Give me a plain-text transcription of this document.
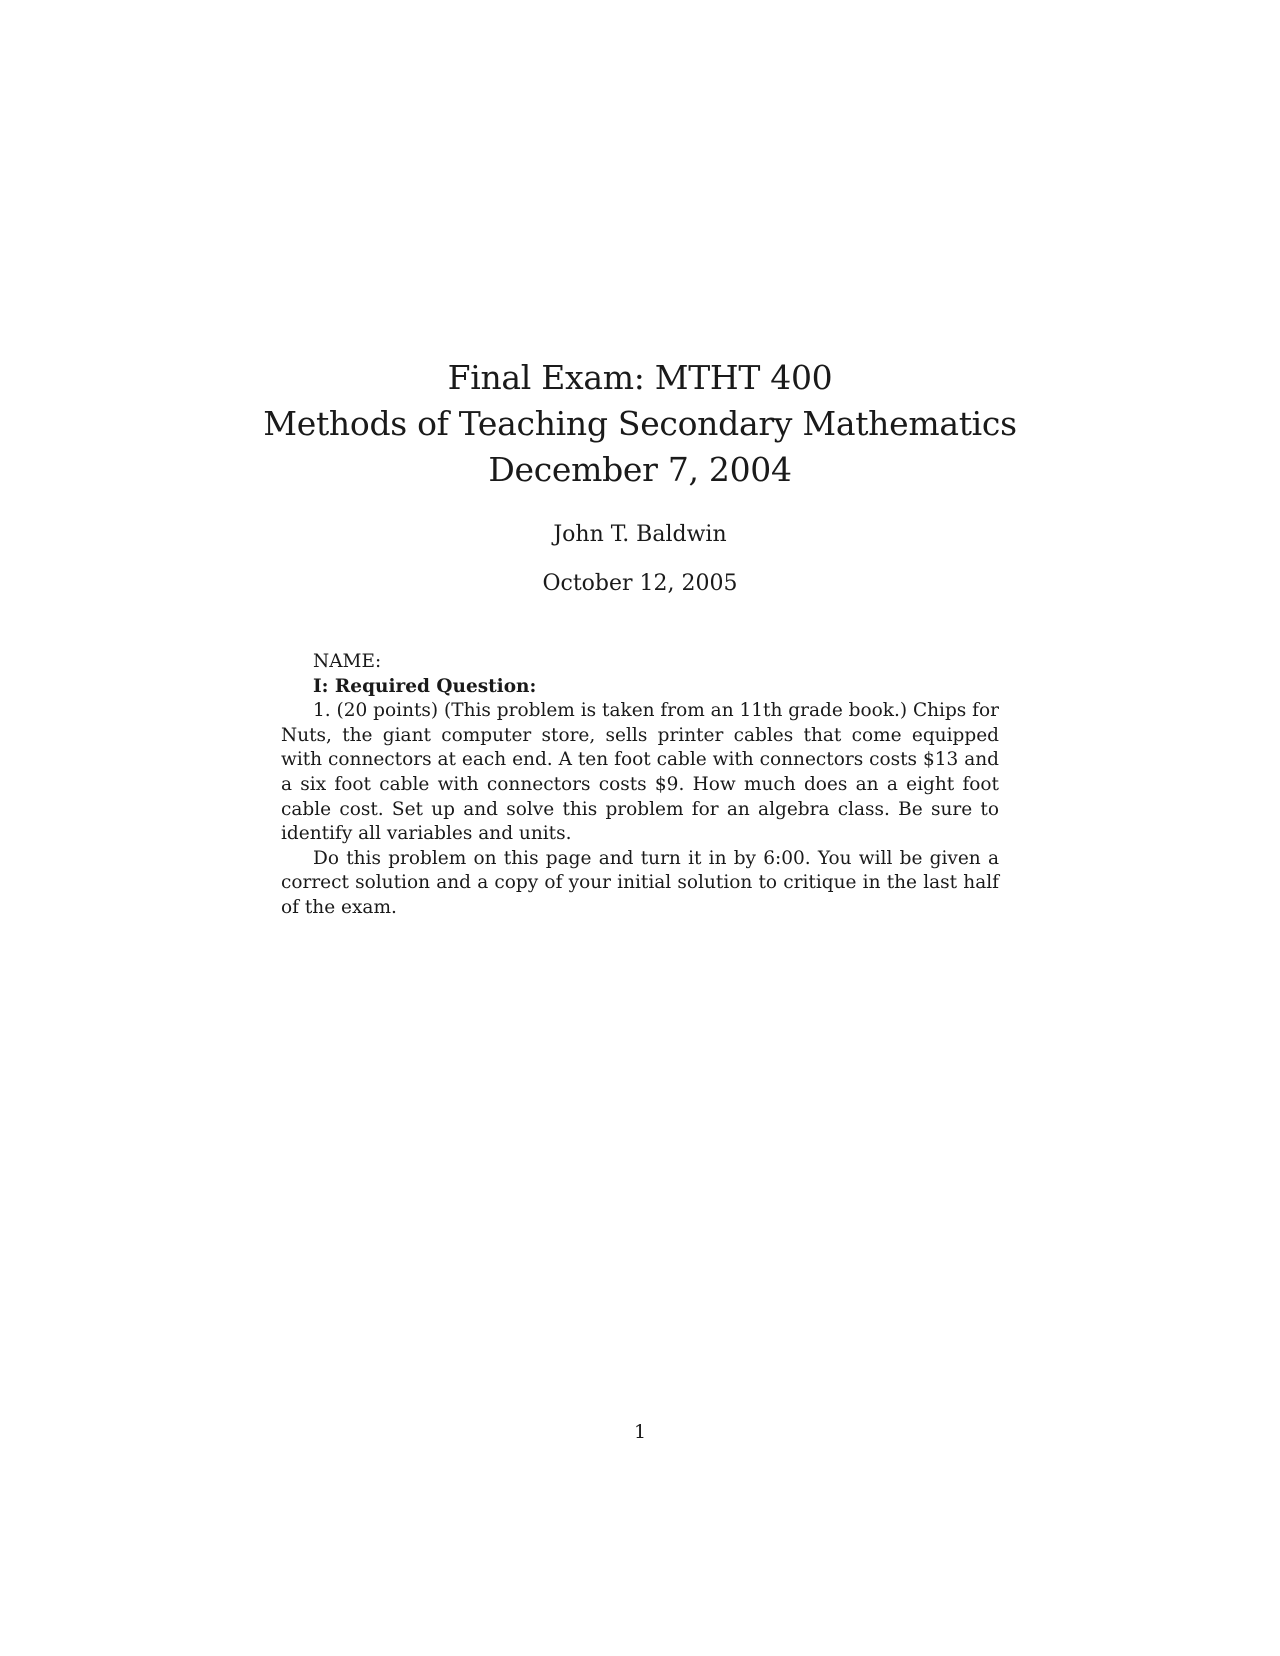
Final Exam: MTHT 400

Methods of Teaching Secondary Mathematics

December 7, 2004

John T. Baldwin
October 12, 2005

NAME:

I: Required Question:

1. (20 points) (This problem is taken from an 11th grade book.) Chips for Nuts, the giant computer store, sells printer cables that come equipped with connectors at each end. A ten foot cable with connectors costs $13 and a six foot cable with connectors costs $9. How much does an a eight foot cable cost. Set up and solve this problem for an algebra class. Be sure to identify all variables and units.

Do this problem on this page and turn it in by 6:00. You will be given a correct solution and a copy of your initial solution to critique in the last half of the exam.

1
